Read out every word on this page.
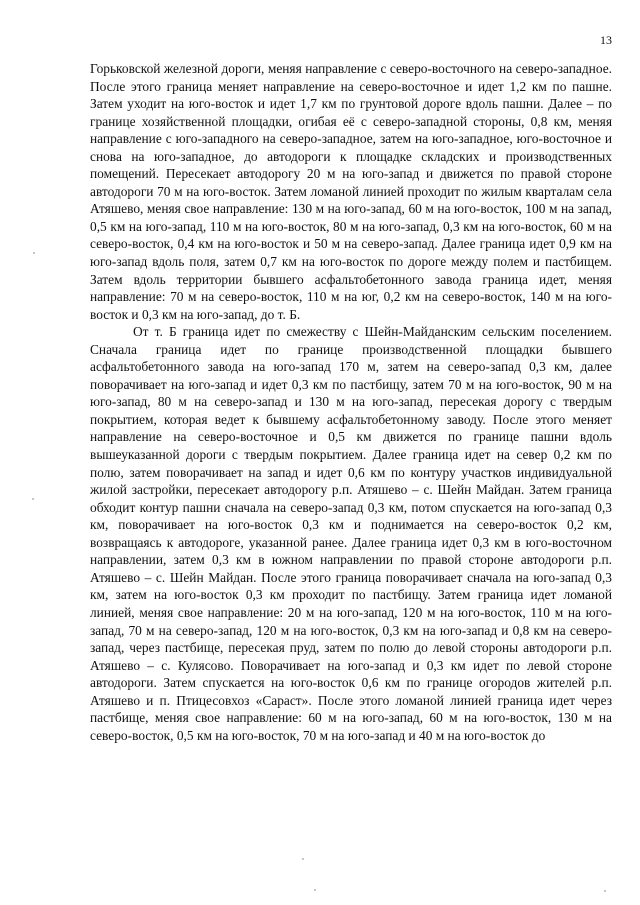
13

Горьковской железной дороги, меняя направление с северо-восточного на северо-западное. После этого граница меняет направление на северо-восточное и идет 1,2 км по пашне. Затем уходит на юго-восток и идет 1,7 км по грунтовой дороге вдоль пашни. Далее – по границе хозяйственной площадки, огибая её с северо-западной стороны, 0,8 км, меняя направление с юго-западного на северо-западное, затем на юго-западное, юго-восточное и снова на юго-западное, до автодороги к площадке складских и производственных помещений. Пересекает автодорогу 20 м на юго-запад и движется по правой стороне автодороги 70 м на юго-восток. Затем ломаной линией проходит по жилым кварталам села Атяшево, меняя свое направление: 130 м на юго-запад, 60 м на юго-восток, 100 м на запад, 0,5 км на юго-запад, 110 м на юго-восток, 80 м на юго-запад, 0,3 км на юго-восток, 60 м на северо-восток, 0,4 км на юго-восток и 50 м на северо-запад. Далее граница идет 0,9 км на юго-запад вдоль поля, затем 0,7 км на юго-восток по дороге между полем и пастбищем. Затем вдоль территории бывшего асфальтобетонного завода граница идет, меняя направление: 70 м на северо-восток, 110 м на юг, 0,2 км на северо-восток, 140 м на юго-восток и 0,3 км на юго-запад, до т. Б.

От т. Б граница идет по смежеству с Шейн-Майданским сельским поселением. Сначала граница идет по границе производственной площадки бывшего асфальтобетонного завода на юго-запад 170 м, затем на северо-запад 0,3 км, далее поворачивает на юго-запад и идет 0,3 км по пастбищу, затем 70 м на юго-восток, 90 м на юго-запад, 80 м на северо-запад и 130 м на юго-запад, пересекая дорогу с твердым покрытием, которая ведет к бывшему асфальтобетонному заводу. После этого меняет направление на северо-восточное и 0,5 км движется по границе пашни вдоль вышеуказанной дороги с твердым покрытием. Далее граница идет на север 0,2 км по полю, затем поворачивает на запад и идет 0,6 км по контуру участков индивидуальной жилой застройки, пересекает автодорогу р.п. Атяшево – с. Шейн Майдан. Затем граница обходит контур пашни сначала на северо-запад 0,3 км, потом спускается на юго-запад 0,3 км, поворачивает на юго-восток 0,3 км и поднимается на северо-восток 0,2 км, возвращаясь к автодороге, указанной ранее. Далее граница идет 0,3 км в юго-восточном направлении, затем 0,3 км в южном направлении по правой стороне автодороги р.п. Атяшево – с. Шейн Майдан. После этого граница поворачивает сначала на юго-запад 0,3 км, затем на юго-восток 0,3 км проходит по пастбищу. Затем граница идет ломаной линией, меняя свое направление: 20 м на юго-запад, 120 м на юго-восток, 110 м на юго-запад, 70 м на северо-запад, 120 м на юго-восток, 0,3 км на юго-запад и 0,8 км на северо-запад, через пастбище, пересекая пруд, затем по полю до левой стороны автодороги р.п. Атяшево – с. Кулясово. Поворачивает на юго-запад и 0,3 км идет по левой стороне автодороги. Затем спускается на юго-восток 0,6 км по границе огородов жителей р.п. Атяшево и п. Птицесовхоз «Сараст». После этого ломаной линией граница идет через пастбище, меняя свое направление: 60 м на юго-запад, 60 м на юго-восток, 130 м на северо-восток, 0,5 км на юго-восток, 70 м на юго-запад и 40 м на юго-восток до
